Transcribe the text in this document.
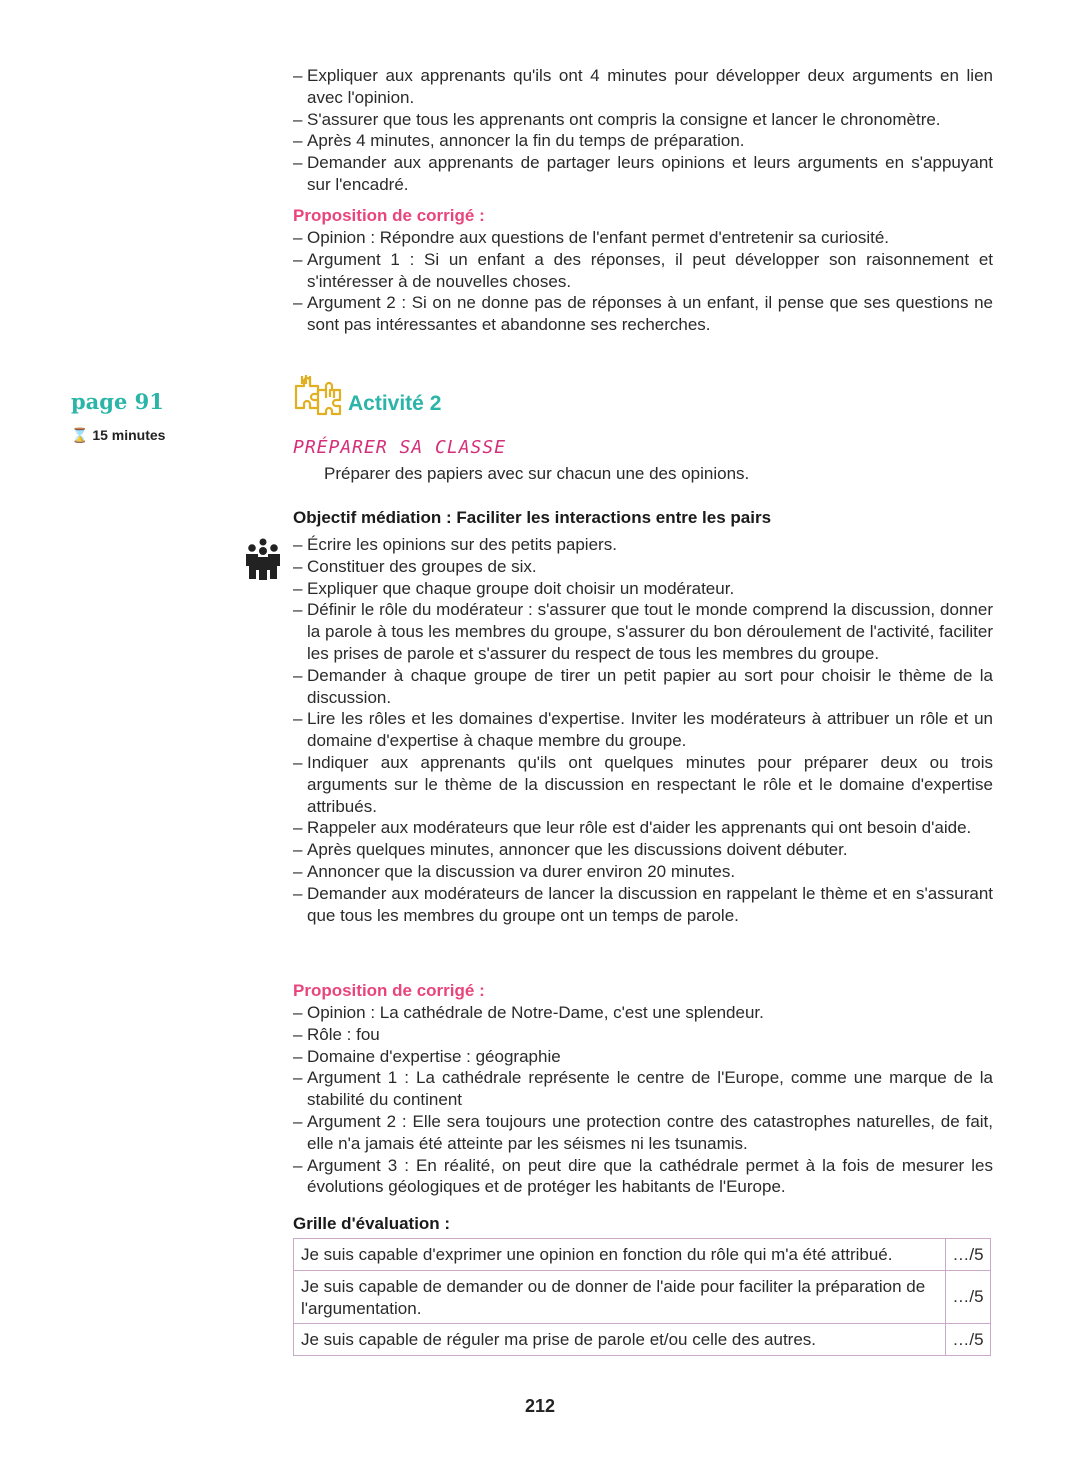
– Expliquer aux apprenants qu'ils ont 4 minutes pour développer deux arguments en lien avec l'opinion.
– S'assurer que tous les apprenants ont compris la consigne et lancer le chronomètre.
– Après 4 minutes, annoncer la fin du temps de préparation.
– Demander aux apprenants de partager leurs opinions et leurs arguments en s'appuyant sur l'encadré.
Proposition de corrigé :
– Opinion : Répondre aux questions de l'enfant permet d'entretenir sa curiosité.
– Argument 1 : Si un enfant a des réponses, il peut développer son raisonnement et s'intéresser à de nouvelles choses.
– Argument 2 : Si on ne donne pas de réponses à un enfant, il pense que ses questions ne sont pas intéressantes et abandonne ses recherches.
page 91
⌛ 15 minutes
Activité 2
PRÉPARER SA CLASSE
Préparer des papiers avec sur chacun une des opinions.
Objectif médiation : Faciliter les interactions entre les pairs
– Écrire les opinions sur des petits papiers.
– Constituer des groupes de six.
– Expliquer que chaque groupe doit choisir un modérateur.
– Définir le rôle du modérateur : s'assurer que tout le monde comprend la discussion, donner la parole à tous les membres du groupe, s'assurer du bon déroulement de l'activité, faciliter les prises de parole et s'assurer du respect de tous les membres du groupe.
– Demander à chaque groupe de tirer un petit papier au sort pour choisir le thème de la discussion.
– Lire les rôles et les domaines d'expertise. Inviter les modérateurs à attribuer un rôle et un domaine d'expertise à chaque membre du groupe.
– Indiquer aux apprenants qu'ils ont quelques minutes pour préparer deux ou trois arguments sur le thème de la discussion en respectant le rôle et le domaine d'expertise attribués.
– Rappeler aux modérateurs que leur rôle est d'aider les apprenants qui ont besoin d'aide.
– Après quelques minutes, annoncer que les discussions doivent débuter.
– Annoncer que la discussion va durer environ 20 minutes.
– Demander aux modérateurs de lancer la discussion en rappelant le thème et en s'assurant que tous les membres du groupe ont un temps de parole.
Proposition de corrigé :
– Opinion : La cathédrale de Notre-Dame, c'est une splendeur.
– Rôle : fou
– Domaine d'expertise : géographie
– Argument 1 : La cathédrale représente le centre de l'Europe, comme une marque de la stabilité du continent
– Argument 2 : Elle sera toujours une protection contre des catastrophes naturelles, de fait, elle n'a jamais été atteinte par les séismes ni les tsunamis.
– Argument 3 : En réalité, on peut dire que la cathédrale permet à la fois de mesurer les évolutions géologiques et de protéger les habitants de l'Europe.
Grille d'évaluation :
Je suis capable d'exprimer une opinion en fonction du rôle qui m'a été attribué.	…/5
Je suis capable de demander ou de donner de l'aide pour faciliter la préparation de l'argumentation.	…/5
Je suis capable de réguler ma prise de parole et/ou celle des autres.	…/5
212
